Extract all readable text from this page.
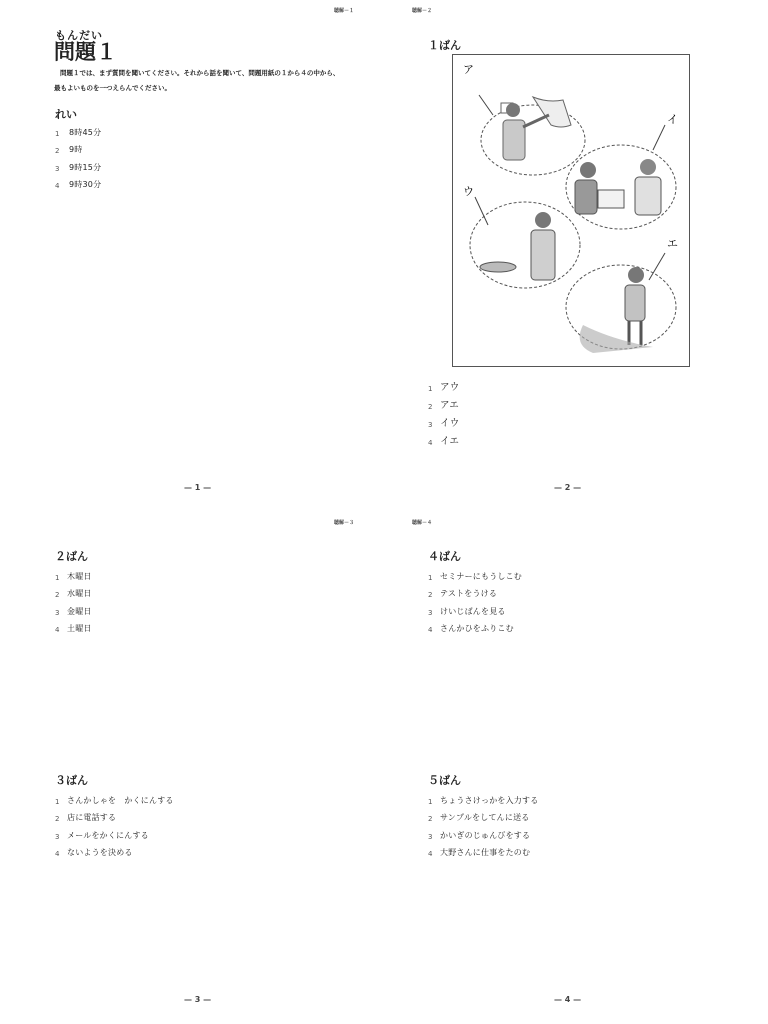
聴解－１
もんだい
問題１
問題１では、まず質問を聞いてください。それから話を聞いて、問題用紙の１から４の中から、
最もよいものを一つえらんでください。
れい
1	8時45分
2	9時
3	9時15分
4	9時30分
— 1 —
聴解－２
１ばん
1 アウ
2 アエ
3 イウ
4 イエ
— 2 —
ア
イ
ウ
エ
聴解－３
２ばん
1 木曜日
2 水曜日
3 金曜日
4 土曜日
３ばん
1 さんかしゃを　かくにんする
2 店に電話する
3 メールをかくにんする
4 ないようを決める
— 3 —
聴解－４
４ばん
1 セミナーにもうしこむ
2 テストをうける
3 けいじばんを見る
4 さんかひをふりこむ
５ばん
1 ちょうさけっかを入力する
2 サンプルをしてんに送る
3 かいぎのじゅんびをする
4 大野さんに仕事をたのむ
— 4 —
